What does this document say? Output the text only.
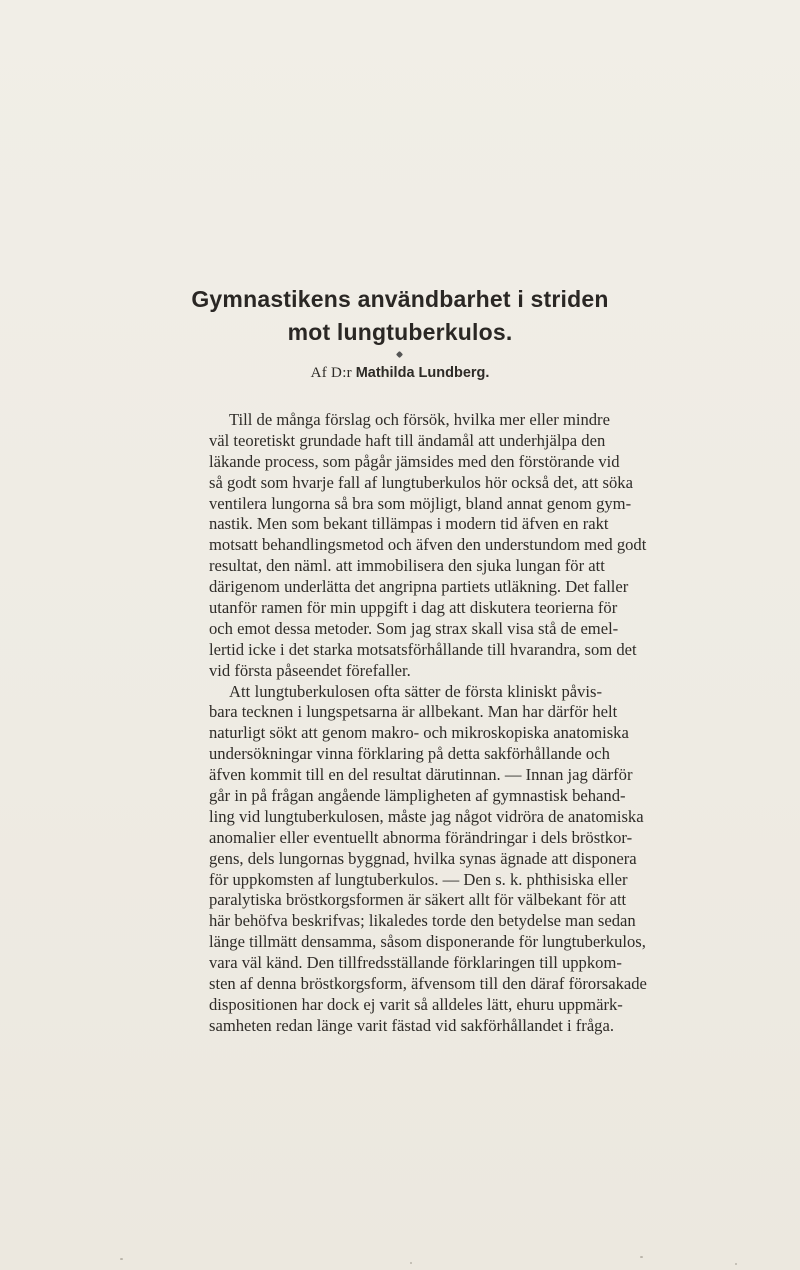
Gymnastikens användbarhet i striden
mot lungtuberkulos.
Af D:r Mathilda Lundberg.
Till de många förslag och försök, hvilka mer eller mindre
väl teoretiskt grundade haft till ändamål att underhjälpa den
läkande process, som pågår jämsides med den förstörande vid
så godt som hvarje fall af lungtuberkulos hör också det, att söka
ventilera lungorna så bra som möjligt, bland annat genom gym-
nastik. Men som bekant tillämpas i modern tid äfven en rakt
motsatt behandlingsmetod och äfven den understundom med godt
resultat, den näml. att immobilisera den sjuka lungan för att
därigenom underlätta det angripna partiets utläkning. Det faller
utanför ramen för min uppgift i dag att diskutera teorierna för
och emot dessa metoder. Som jag strax skall visa stå de emel-
lertid icke i det starka motsatsförhållande till hvarandra, som det
vid första påseendet förefaller.
Att lungtuberkulosen ofta sätter de första kliniskt påvis-
bara tecknen i lungspetsarna är allbekant. Man har därför helt
naturligt sökt att genom makro- och mikroskopiska anatomiska
undersökningar vinna förklaring på detta sakförhållande och
äfven kommit till en del resultat därutinnan. — Innan jag därför
går in på frågan angående lämpligheten af gymnastisk behand-
ling vid lungtuberkulosen, måste jag något vidröra de anatomiska
anomalier eller eventuellt abnorma förändringar i dels bröstkor-
gens, dels lungornas byggnad, hvilka synas ägnade att disponera
för uppkomsten af lungtuberkulos. — Den s. k. phthisiska eller
paralytiska bröstkorgsformen är säkert allt för välbekant för att
här behöfva beskrifvas; likaledes torde den betydelse man sedan
länge tillmätt densamma, såsom disponerande för lungtuberkulos,
vara väl känd. Den tillfredsställande förklaringen till uppkom-
sten af denna bröstkorgsform, äfvensom till den däraf förorsakade
dispositionen har dock ej varit så alldeles lätt, ehuru uppmärk-
samheten redan länge varit fästad vid sakförhållandet i fråga.
